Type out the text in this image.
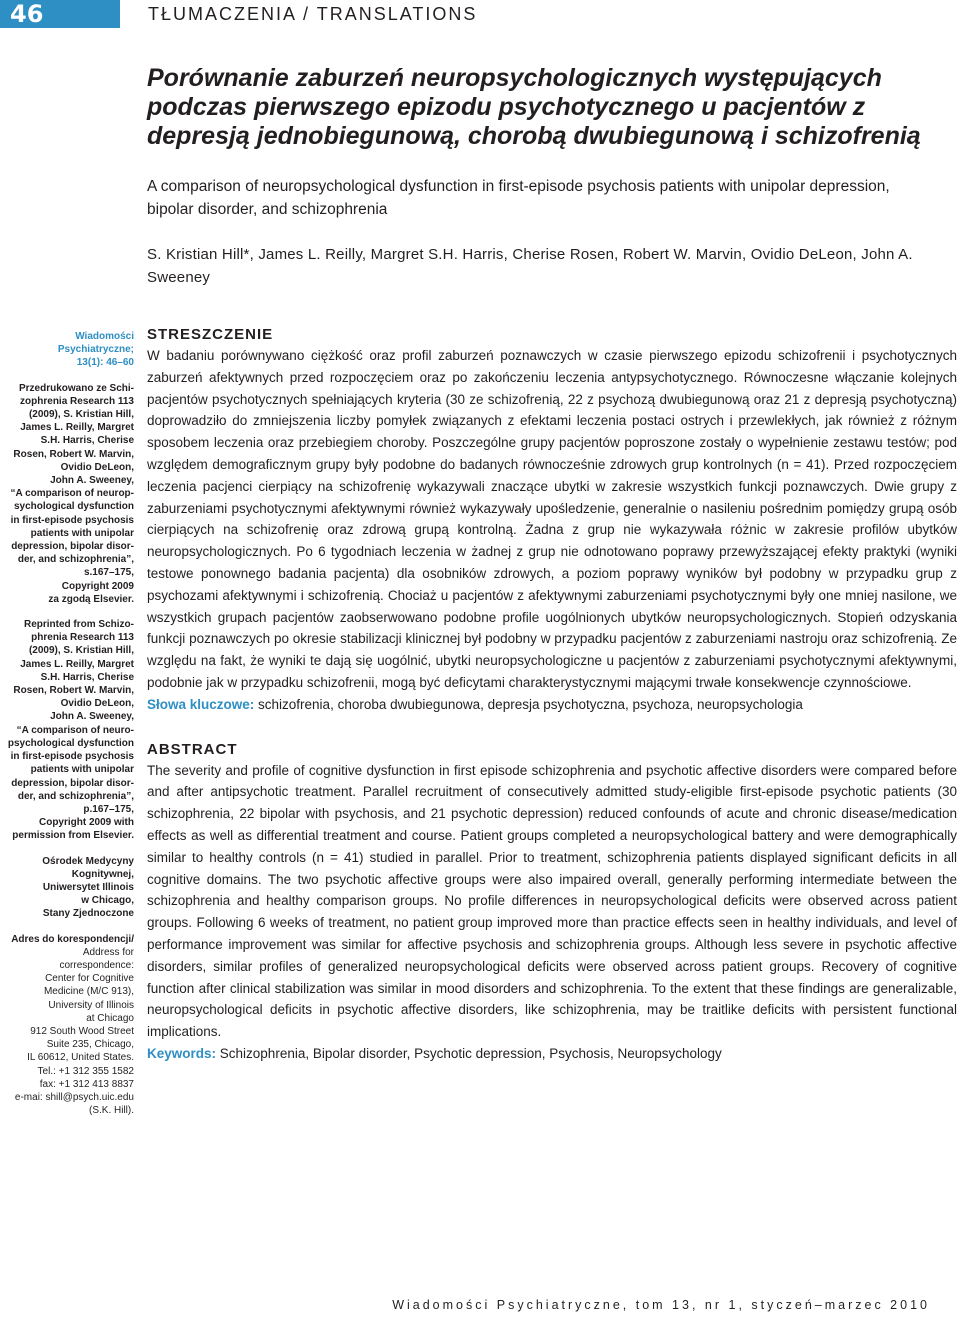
46	TŁUMACZENIA / TRANSLATIONS
Porównanie zaburzeń neuropsychologicznych występujących podczas pierwszego epizodu psychotycznego u pacjentów z depresją jednobiegunową, chorobą dwubiegunową i schizofrenią

A comparison of neuropsychological dysfunction in first-episode psychosis patients with unipolar depression, bipolar disorder, and schizophrenia

S. Kristian Hill*, James L. Reilly, Margret S.H. Harris, Cherise Rosen, Robert W. Marvin, Ovidio DeLeon, John A. Sweeney

Wiadomości
Psychiatryczne;
13(1): 46–60
Przedrukowano ze Schi-
zophrenia Research 113
(2009), S. Kristian Hill,
James L. Reilly, Margret
S.H. Harris, Cherise
Rosen, Robert W. Marvin,
Ovidio DeLeon,
John A. Sweeney,
“A comparison of neurop-
sychological dysfunction
in first-episode psychosis
patients with unipolar
depression, bipolar disor-
der, and schizophrenia”,
s.167–175,
Copyright 2009
za zgodą Elsevier.
Reprinted from Schizo-
phrenia Research 113
(2009), S. Kristian Hill,
James L. Reilly, Margret
S.H. Harris, Cherise
Rosen, Robert W. Marvin,
Ovidio DeLeon,
John A. Sweeney,
“A comparison of neuro-
psychological dysfunction
in first-episode psychosis
patients with unipolar
depression, bipolar disor-
der, and schizophrenia”,
p.167–175,
Copyright 2009 with
permission from Elsevier.
Ośrodek Medycyny
Kognitywnej,
Uniwersytet Illinois
w Chicago,
Stany Zjednoczone
Adres do korespondencji/
Address for
correspondence:
Center for Cognitive
Medicine (M/C 913),
University of Illinois
at Chicago
912 South Wood Street
Suite 235, Chicago,
IL 60612, United States.
Tel.: +1 312 355 1582
fax: +1 312 413 8837
e-mai: shill@psych.uic.edu
(S.K. Hill).
STRESZCZENIE

W badaniu porównywano ciężkość oraz profil zaburzeń poznawczych w czasie pierwszego epizodu schizofrenii i psychotycznych zaburzeń afektywnych przed rozpoczęciem oraz po zakończeniu leczenia antypsychotycznego. Równoczesne włączanie kolejnych pacjentów psychotycznych spełniających kryteria (30 ze schizofrenią, 22 z psychozą dwubiegunową oraz 21 z depresją psychotyczną) doprowadziło do zmniejszenia liczby pomyłek związanych z efektami leczenia postaci ostrych i przewlekłych, jak również z różnym sposobem leczenia oraz przebiegiem choroby. Poszczególne grupy pacjentów poproszone zostały o wypełnienie zestawu testów; pod względem demograficznym grupy były podobne do badanych równocześnie zdrowych grup kontrolnych (n = 41). Przed rozpoczęciem leczenia pacjenci cierpiący na schizofrenię wykazywali znaczące ubytki w zakresie wszystkich funkcji poznawczych. Dwie grupy z zaburzeniami psychotycznymi afektywnymi również wykazywały upośledzenie, generalnie o nasileniu pośrednim pomiędzy grupą osób cierpiących na schizofrenię oraz zdrową grupą kontrolną. Żadna z grup nie wykazywała różnic w zakresie profilów ubytków neuropsychologicznych. Po 6 tygodniach leczenia w żadnej z grup nie odnotowano poprawy przewyższającej efekty praktyki (wyniki testowe ponownego badania pacjenta) dla osobników zdrowych, a poziom poprawy wyników był podobny w przypadku grup z psychozami afektywnymi i schizofrenią. Chociaż u pacjentów z afektywnymi zaburzeniami psychotycznymi były one mniej nasilone, we wszystkich grupach pacjentów zaobserwowano podobne profile uogólnionych ubytków neuropsychologicznych. Stopień odzyskania funkcji poznawczych po okresie stabilizacji klinicznej był podobny w przypadku pacjentów z zaburzeniami nastroju oraz schizofrenią. Ze względu na fakt, że wyniki te dają się uogólnić, ubytki neuropsychologiczne u pacjentów z zaburzeniami psychotycznymi afektywnymi, podobnie jak w przypadku schizofrenii, mogą być deficytami charakterystycznymi mającymi trwałe konsekwencje czynnościowe.

Słowa kluczowe: schizofrenia, choroba dwubiegunowa, depresja psychotyczna, psychoza, neuropsychologia

ABSTRACT

The severity and profile of cognitive dysfunction in first episode schizophrenia and psychotic affective disorders were compared before and after antipsychotic treatment. Parallel recruitment of consecutively admitted study-eligible first-episode psychotic patients (30 schizophrenia, 22 bipolar with psychosis, and 21 psychotic depression) reduced confounds of acute and chronic disease/medication effects as well as differential treatment and course. Patient groups completed a neuropsychological battery and were demographically similar to healthy controls (n = 41) studied in parallel. Prior to treatment, schizophrenia patients displayed significant deficits in all cognitive domains. The two psychotic affective groups were also impaired overall, generally performing intermediate between the schizophrenia and healthy comparison groups. No profile differences in neuropsychological deficits were observed across patient groups. Following 6 weeks of treatment, no patient group improved more than practice effects seen in healthy individuals, and level of performance improvement was similar for affective psychosis and schizophrenia groups. Although less severe in psychotic affective disorders, similar profiles of generalized neuropsychological deficits were observed across patient groups. Recovery of cognitive function after clinical stabilization was similar in mood disorders and schizophrenia. To the extent that these findings are generalizable, neuropsychological deficits in psychotic affective disorders, like schizophrenia, may be traitlike deficits with persistent functional implications.

Keywords: Schizophrenia, Bipolar disorder, Psychotic depression, Psychosis, Neuropsychology

Wiadomości Psychiatryczne, tom 13, nr 1, styczeń–marzec 2010
